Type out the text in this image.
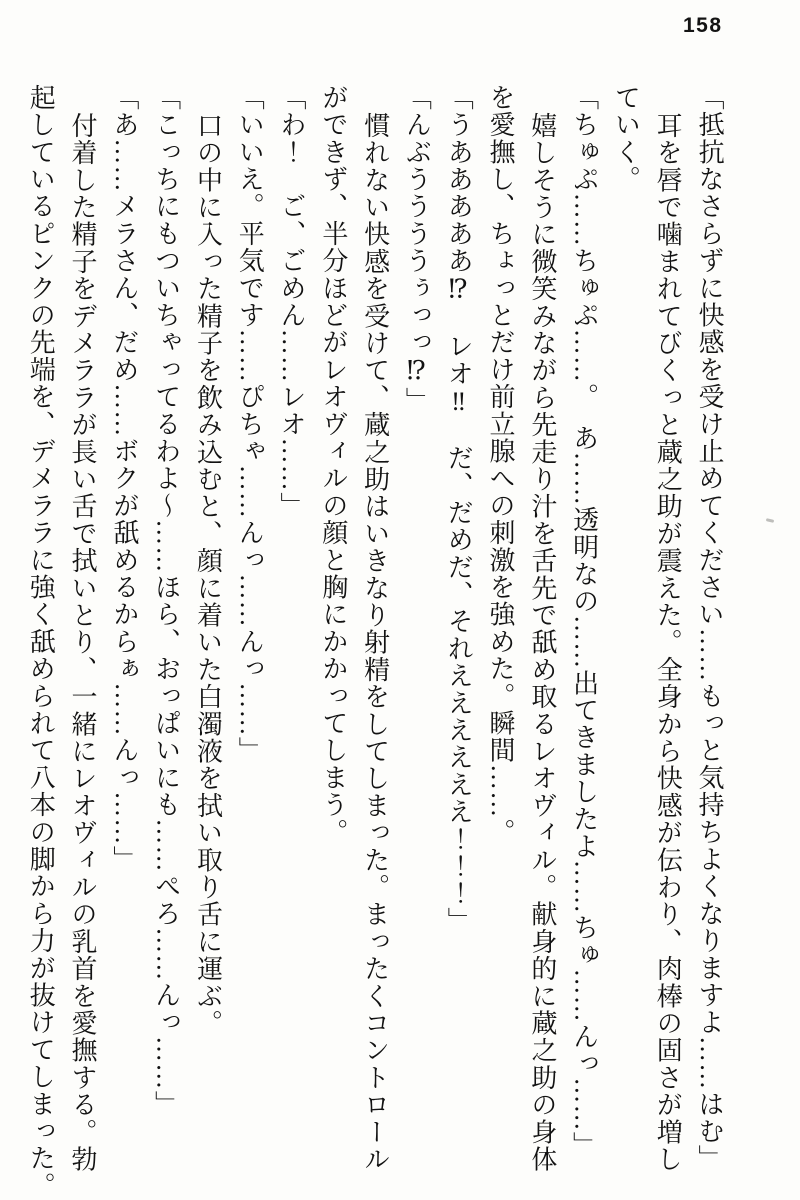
158
「抵抗なさらずに快感を受け止めてください……もっと気持ちよくなりますよ……はむ」
耳を唇で噛まれてびくっと蔵之助が震えた。全身から快感が伝わり、肉棒の固さが増し
ていく。
「ちゅぷ……ちゅぷ……。　あ……透明なの……出てきましたよ……ちゅ……んっ……」
嬉しそうに微笑みながら先走り汁を舌先で舐め取るレオヴィル。献身的に蔵之助の身体
を愛撫し、ちょっとだけ前立腺への刺激を強めた。瞬間……。
「うあああああ⁉　レオ‼　だ、だめだ、それええええええ！！！」
「んぶううううぅっっ⁉」
慣れない快感を受けて、蔵之助はいきなり射精をしてしまった。まったくコントロール
ができず、半分ほどがレオヴィルの顔と胸にかかってしまう。
「わ！　ご、ごめん……レオ……」
「いいえ。平気です……ぴちゃ……んっ……んっ……」
口の中に入った精子を飲み込むと、顔に着いた白濁液を拭い取り舌に運ぶ。
「こっちにもついちゃってるわよ～……ほら、おっぱいにも……ぺろ……んっ……」
「あ……メラさん、だめ……ボクが舐めるからぁ……んっ……」
付着した精子をデメララが長い舌で拭いとり、一緒にレオヴィルの乳首を愛撫する。勃
起しているピンクの先端を、デメララに強く舐められて八本の脚から力が抜けてしまった。
